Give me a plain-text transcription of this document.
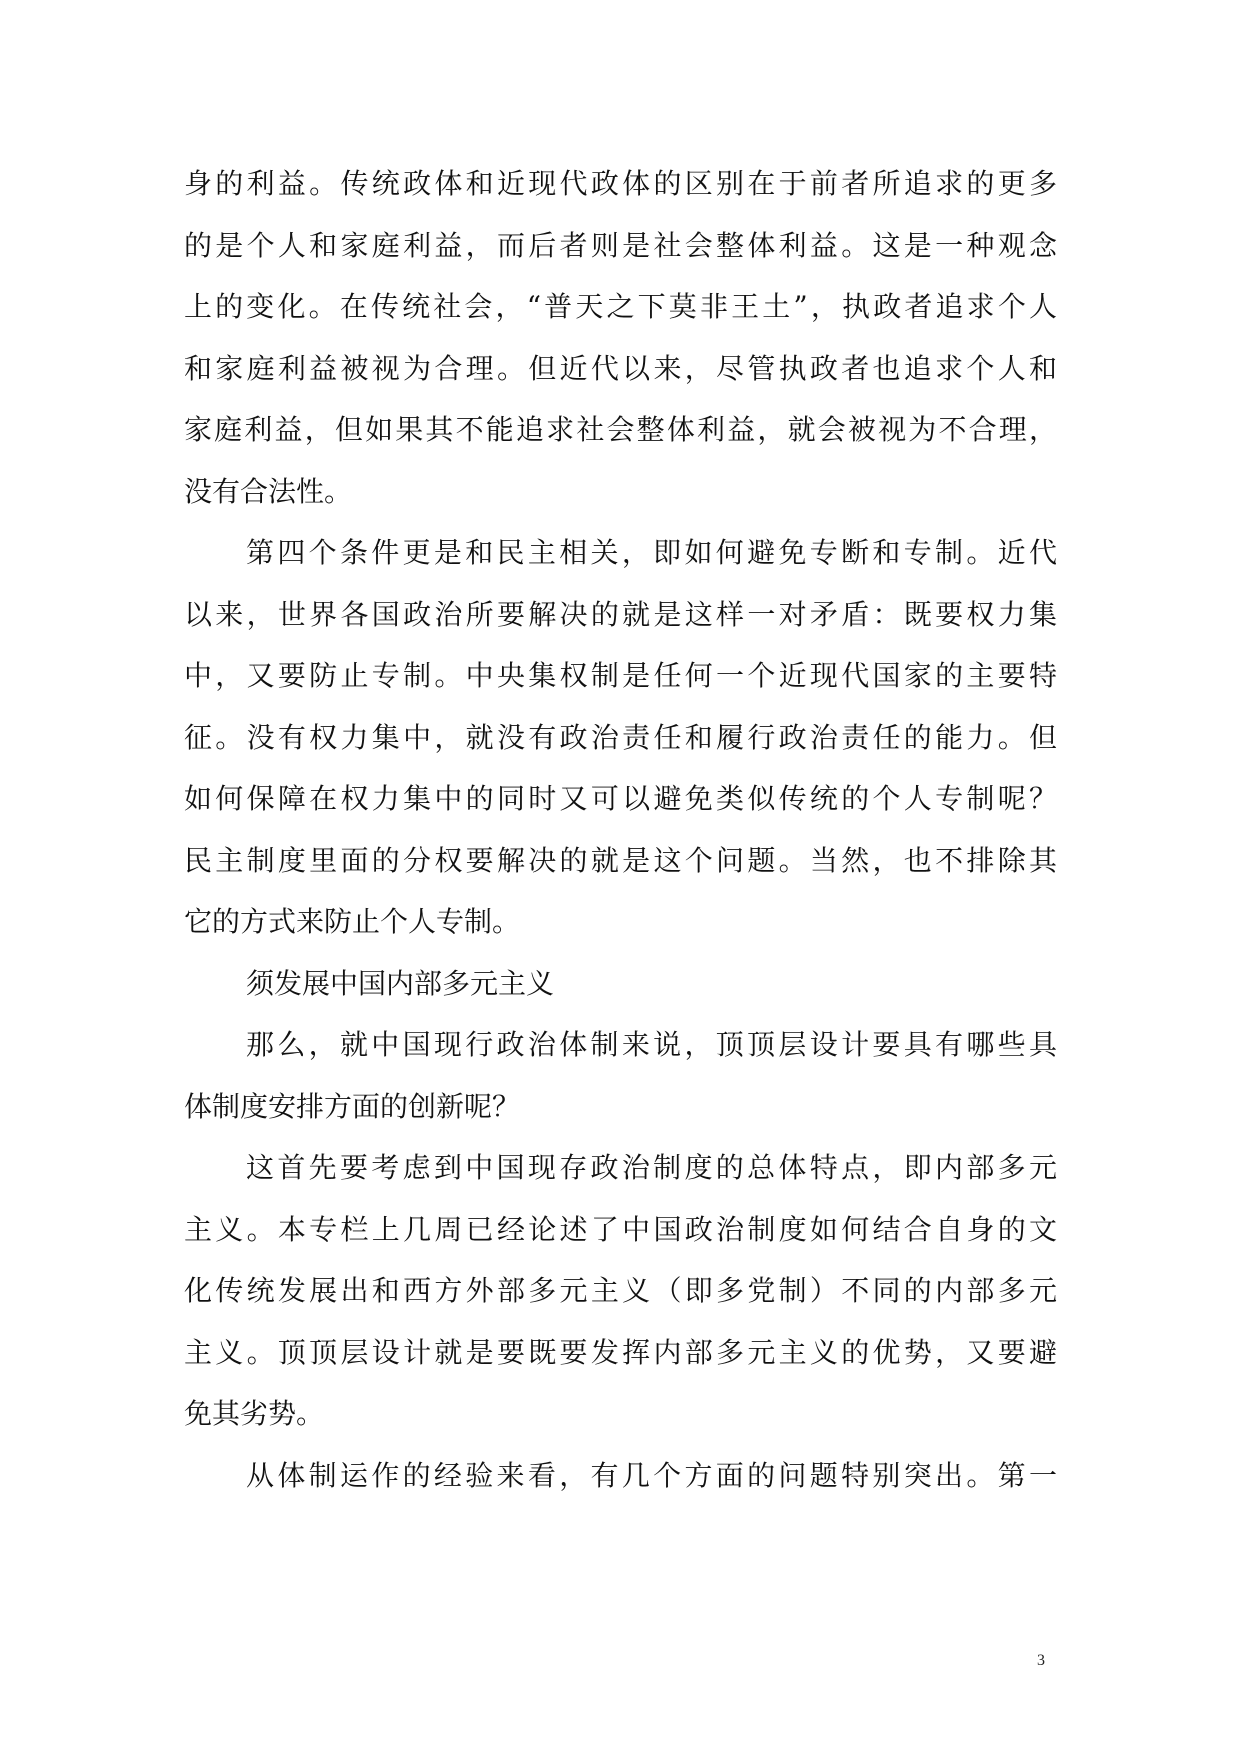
身的利益。传统政体和近现代政体的区别在于前者所追求的更多
的是个人和家庭利益，而后者则是社会整体利益。这是一种观念
上的变化。在传统社会，“普天之下莫非王土”，执政者追求个人
和家庭利益被视为合理。但近代以来，尽管执政者也追求个人和
家庭利益，但如果其不能追求社会整体利益，就会被视为不合理，
没有合法性。
第四个条件更是和民主相关，即如何避免专断和专制。近代
以来，世界各国政治所要解决的就是这样一对矛盾：既要权力集
中，又要防止专制。中央集权制是任何一个近现代国家的主要特
征。没有权力集中，就没有政治责任和履行政治责任的能力。但
如何保障在权力集中的同时又可以避免类似传统的个人专制呢？
民主制度里面的分权要解决的就是这个问题。当然，也不排除其
它的方式来防止个人专制。
须发展中国内部多元主义
那么，就中国现行政治体制来说，顶顶层设计要具有哪些具
体制度安排方面的创新呢？
这首先要考虑到中国现存政治制度的总体特点，即内部多元
主义。本专栏上几周已经论述了中国政治制度如何结合自身的文
化传统发展出和西方外部多元主义（即多党制）不同的内部多元
主义。顶顶层设计就是要既要发挥内部多元主义的优势，又要避
免其劣势。
从体制运作的经验来看，有几个方面的问题特别突出。第一
3
